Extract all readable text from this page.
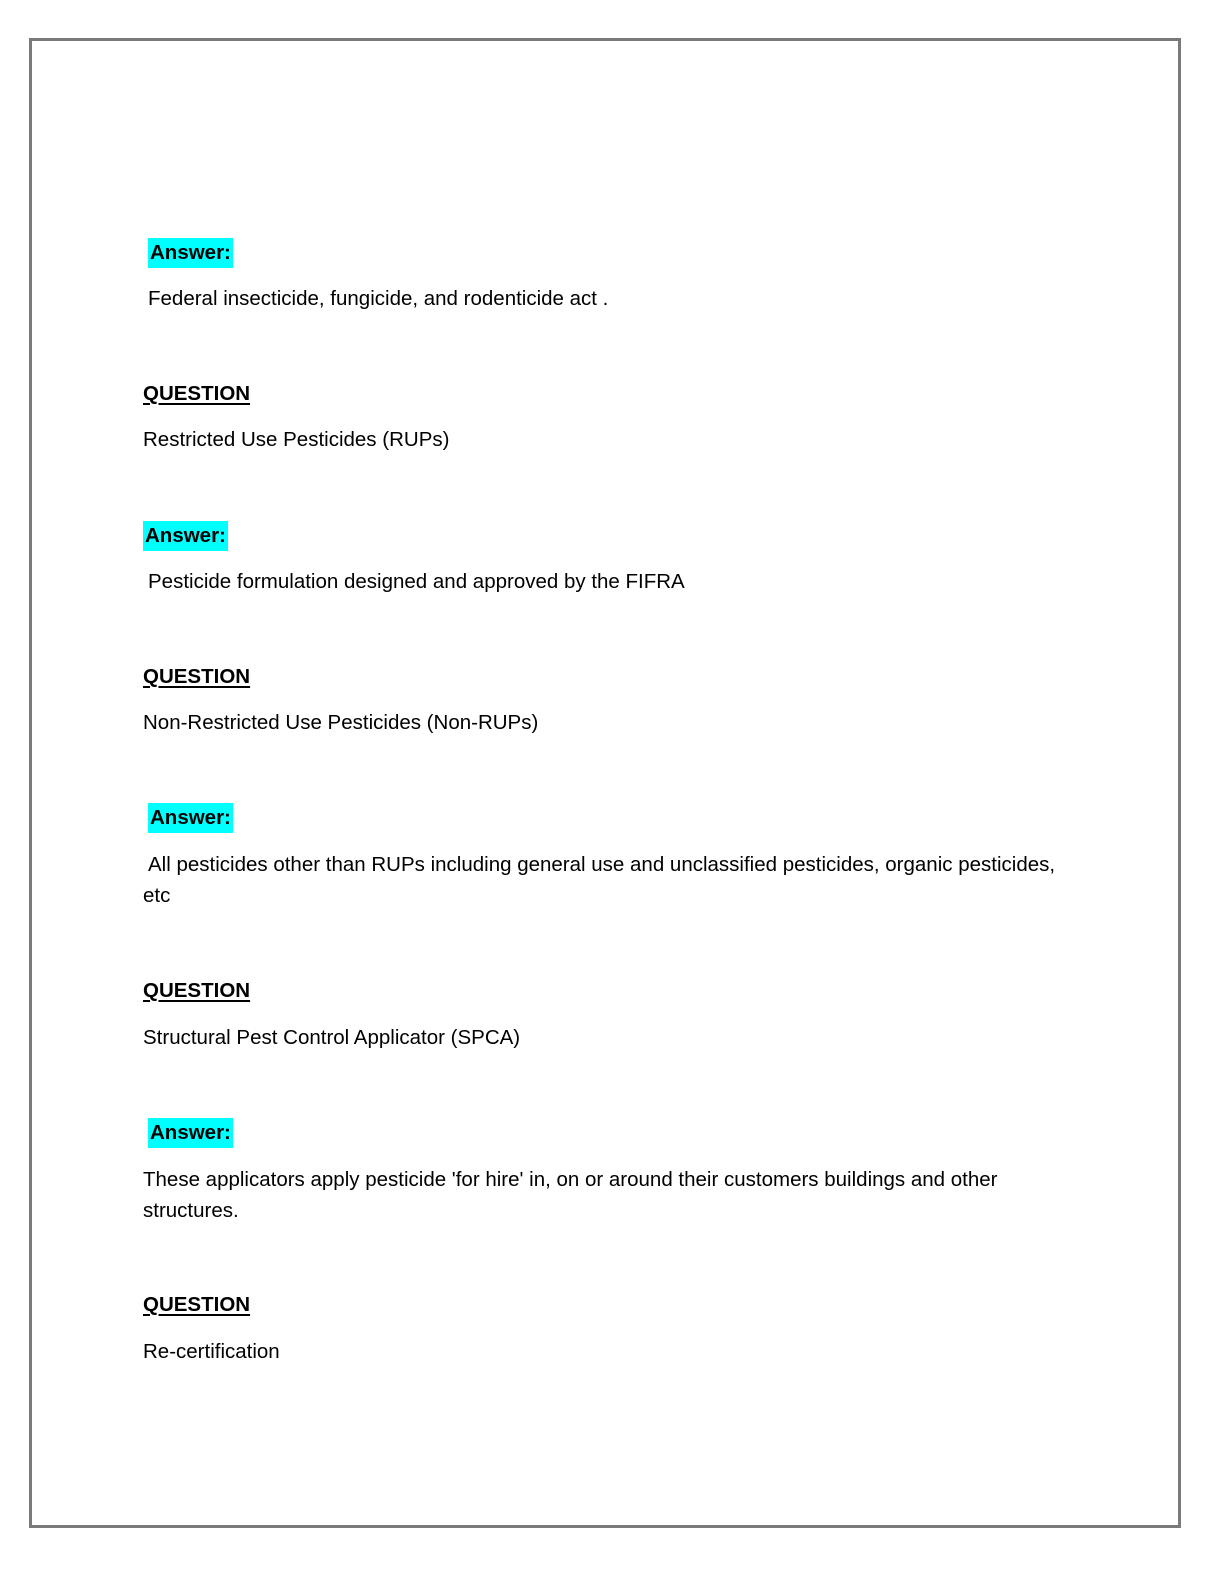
Answer:
Federal insecticide, fungicide, and rodenticide act .
QUESTION
Restricted Use Pesticides (RUPs)
Answer:
Pesticide formulation designed and approved by the FIFRA
QUESTION
Non-Restricted Use Pesticides (Non-RUPs)
Answer:
All pesticides other than RUPs including general use and unclassified pesticides, organic pesticides, etc
QUESTION
Structural Pest Control Applicator (SPCA)
Answer:
These applicators apply pesticide 'for hire' in, on or around their customers buildings and other structures.
QUESTION
Re-certification
